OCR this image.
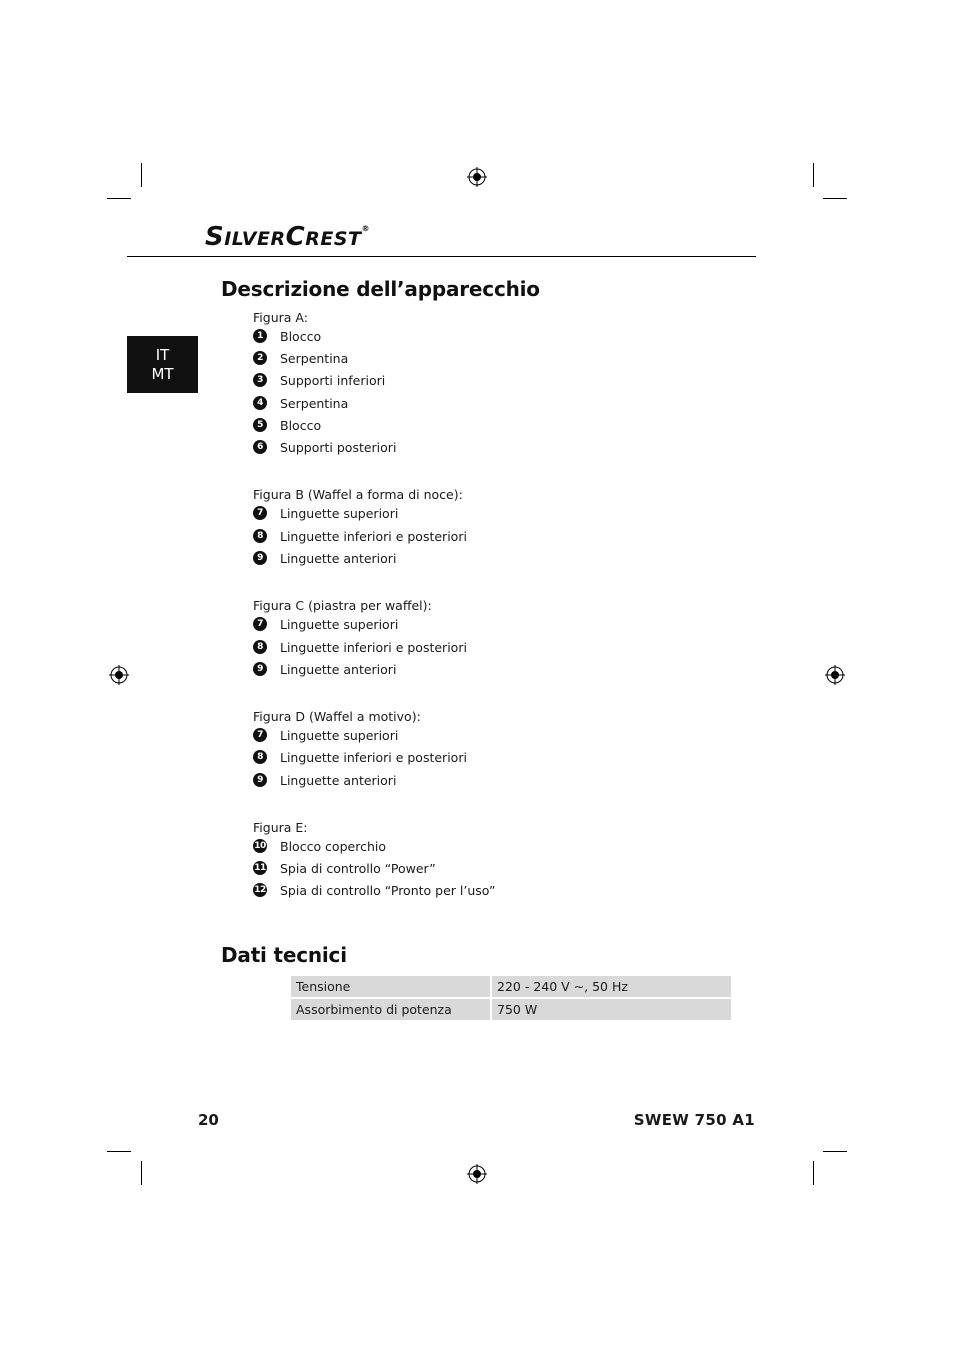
SILVERCREST®
IT
MT
Descrizione dell’apparecchio
Figura A:
1	Blocco
2	Serpentina
3	Supporti inferiori
4	Serpentina
5	Blocco
6	Supporti posteriori
Figura B (Waffel a forma di noce):
7	Linguette superiori
8	Linguette inferiori e posteriori
9	Linguette anteriori
Figura C (piastra per waffel):
7	Linguette superiori
8	Linguette inferiori e posteriori
9	Linguette anteriori
Figura D (Waffel a motivo):
7	Linguette superiori
8	Linguette inferiori e posteriori
9	Linguette anteriori
Figura E:
10 Blocco coperchio
11 Spia di controllo “Power”
12 Spia di controllo “Pronto per l’uso”
Dati tecnici
Tensione	220 - 240 V ~, 50 Hz
Assorbimento di potenza	750 W
20	SWEW 750 A1
